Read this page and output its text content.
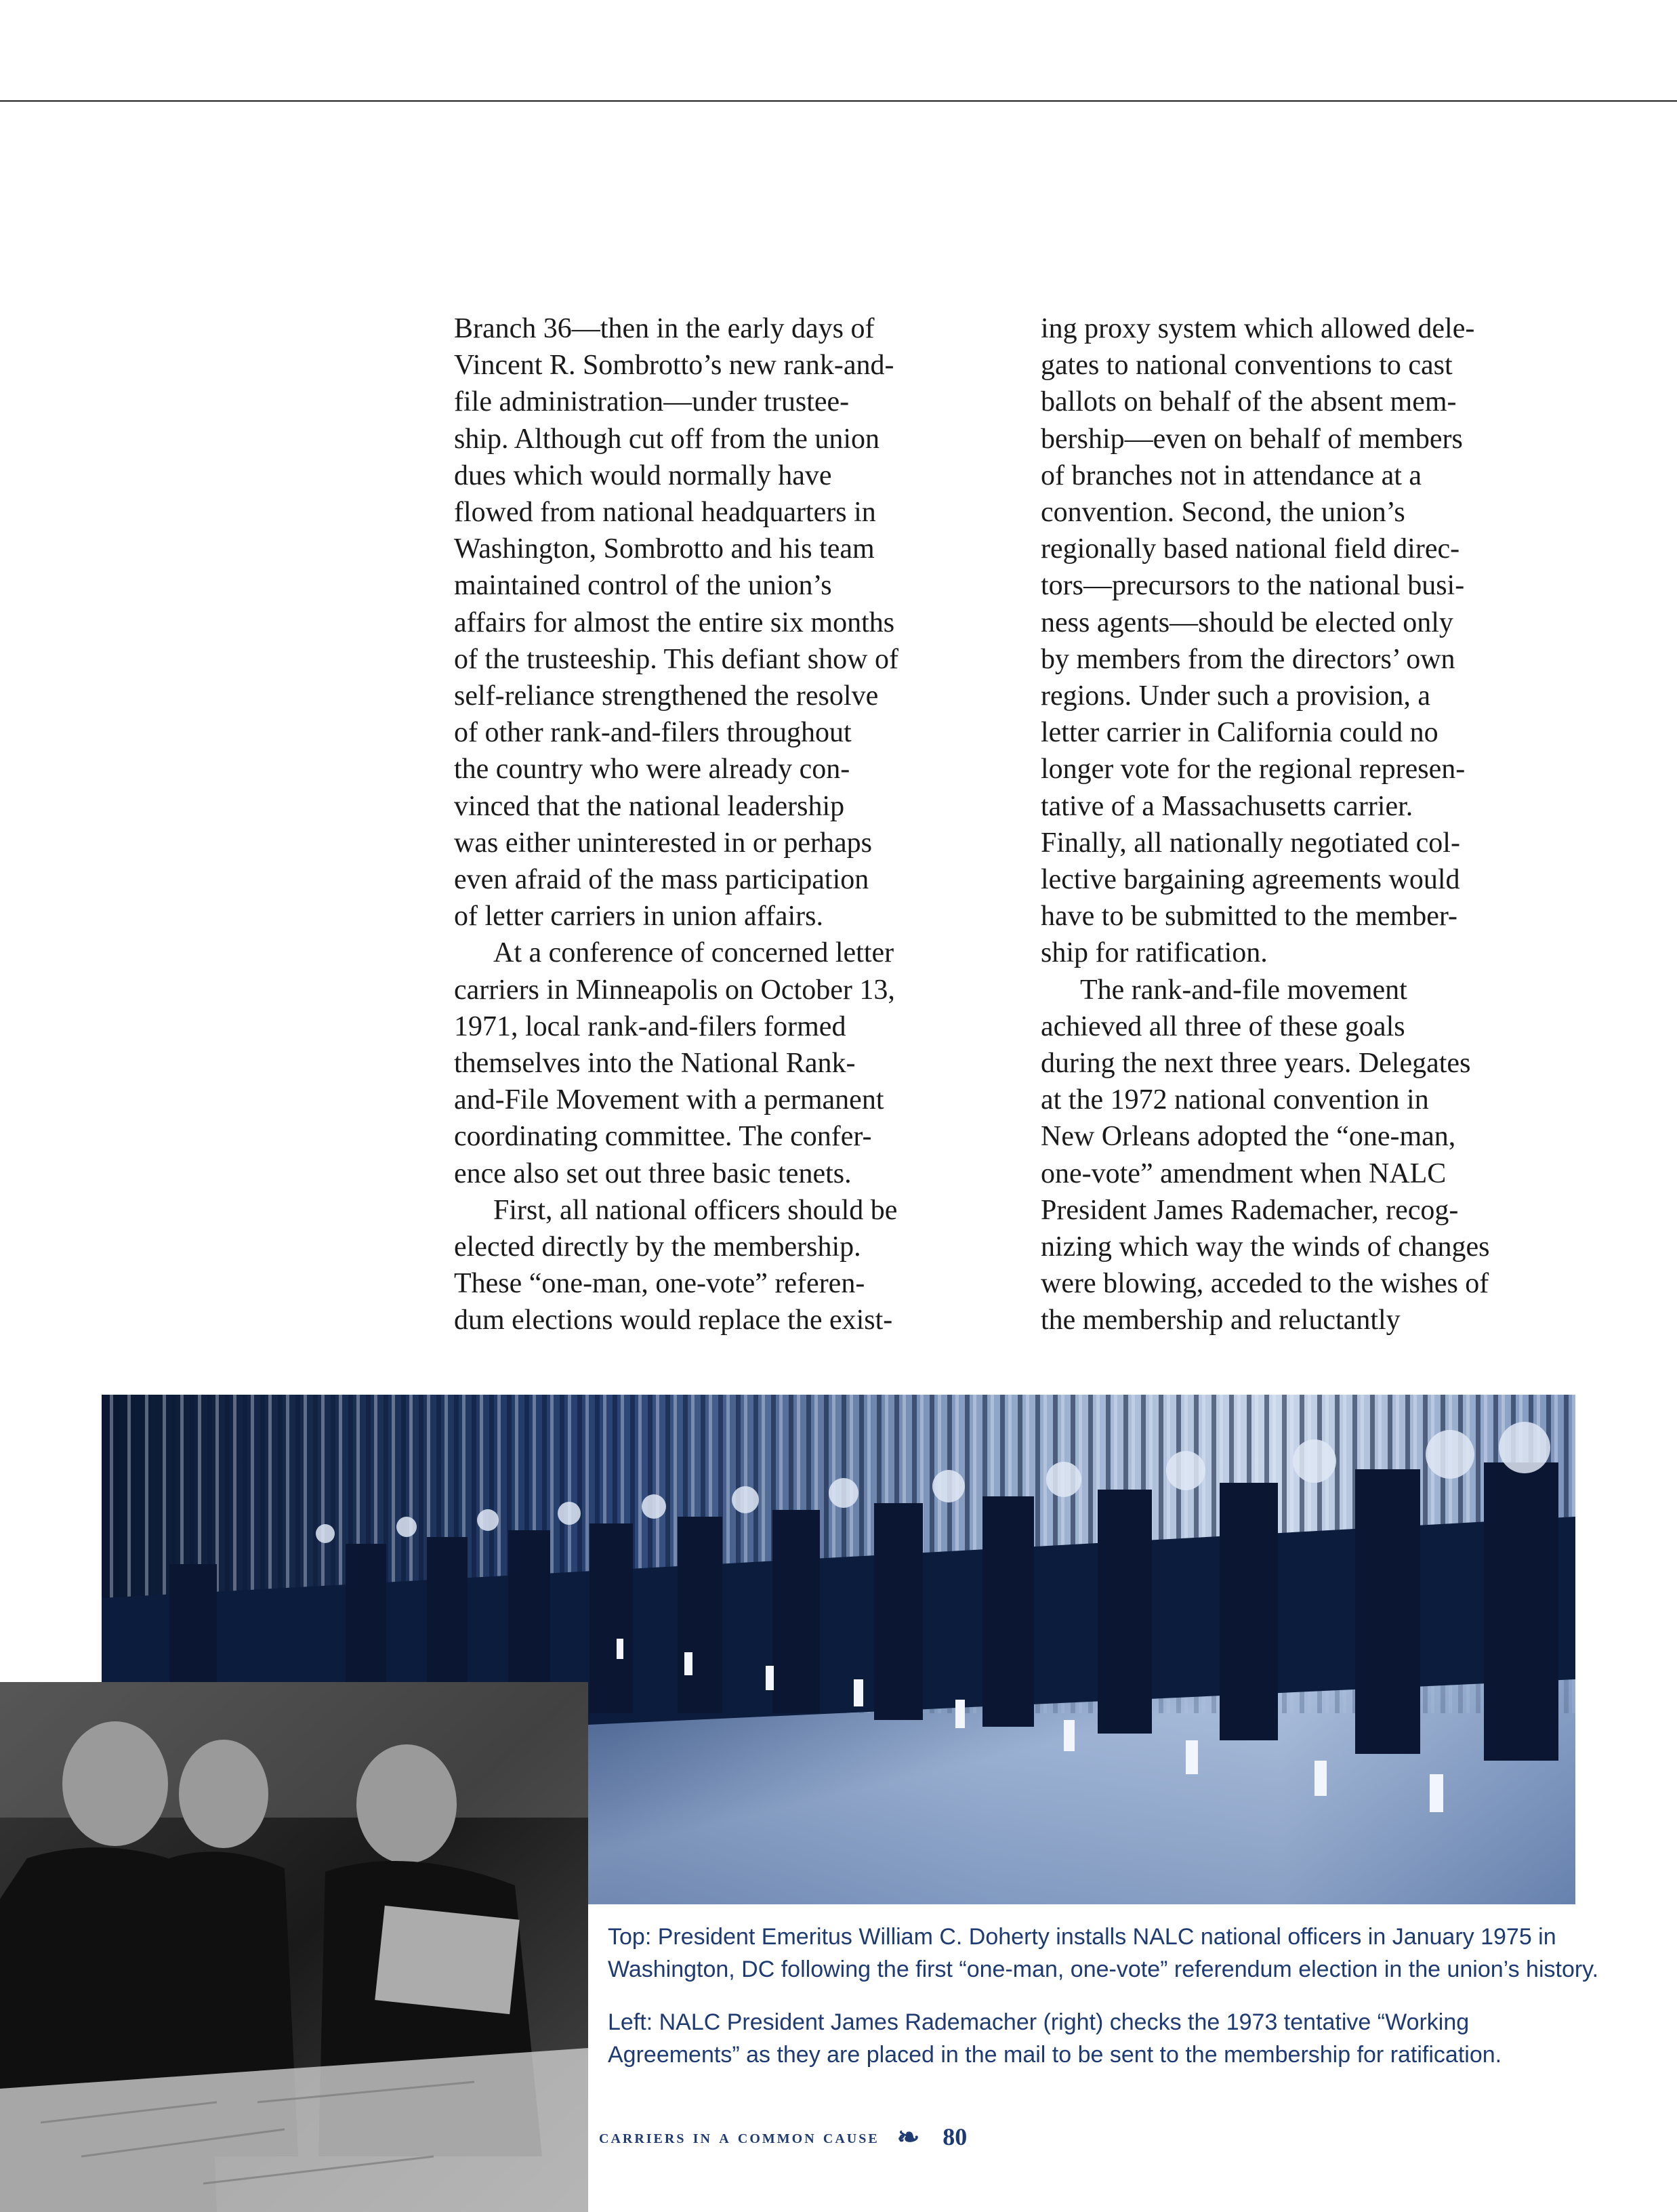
Branch 36—then in the early days of
Vincent R. Sombrotto’s new rank-and-
file administration—under trustee-
ship. Although cut off from the union
dues which would normally have
flowed from national headquarters in
Washington, Sombrotto and his team
maintained control of the union’s
affairs for almost the entire six months
of the trusteeship. This defiant show of
self-reliance strengthened the resolve
of other rank-and-filers throughout
the country who were already con-
vinced that the national leadership
was either uninterested in or perhaps
even afraid of the mass participation
of letter carriers in union affairs.

At a conference of concerned letter
carriers in Minneapolis on October 13,
1971, local rank-and-filers formed
themselves into the National Rank-
and-File Movement with a permanent
coordinating committee. The confer-
ence also set out three basic tenets.

First, all national officers should be
elected directly by the membership.
These “one-man, one-vote” referen-
dum elections would replace the exist-

ing proxy system which allowed dele-
gates to national conventions to cast
ballots on behalf of the absent mem-
bership—even on behalf of members
of branches not in attendance at a
convention. Second, the union’s
regionally based national field direc-
tors—precursors to the national busi-
ness agents—should be elected only
by members from the directors’ own
regions. Under such a provision, a
letter carrier in California could no
longer vote for the regional represen-
tative of a Massachusetts carrier.
Finally, all nationally negotiated col-
lective bargaining agreements would
have to be submitted to the member-
ship for ratification.

The rank-and-file movement
achieved all three of these goals
during the next three years. Delegates
at the 1972 national convention in
New Orleans adopted the “one-man,
one-vote” amendment when NALC
President James Rademacher, recog-
nizing which way the winds of changes
were blowing, acceded to the wishes of
the membership and reluctantly

Top: President Emeritus William C. Doherty installs NALC national officers in January 1975 in
Washington, DC following the first “one-man, one-vote” referendum election in the union’s history.

Left: NALC President James Rademacher (right) checks the 1973 tentative “Working
Agreements” as they are placed in the mail to be sent to the membership for ratification.

carriers in a common cause ❧ 80
